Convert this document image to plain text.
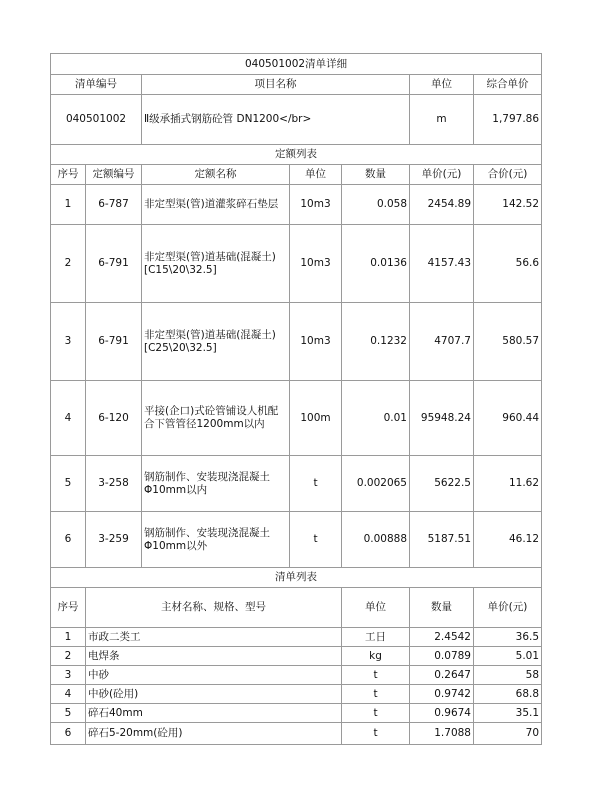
040501002清单详细							
清单编号		项目名称			单位	综合单价	
040501002		Ⅱ级承插式钢筋砼管 DN1200</br>			m	1,797.86	
定额列表							
序号	定额编号	定额名称	单位	数量	单价(元)	合价(元)	
1	6-787	非定型渠(管)道灌浆碎石垫层	10m3	0.058	2454.89	142.52	
2	6-791	非定型渠(管)道基础(混凝土)[C15\20\32.5]	10m3	0.0136	4157.43	56.6	
3	6-791	非定型渠(管)道基础(混凝土)[C25\20\32.5]	10m3	0.1232	4707.7	580.57	
4	6-120	平接(企口)式砼管铺设人机配合下管管径1200mm以内	100m	0.01	95948.24	960.44	
5	3-258	钢筋制作、安装现浇混凝土Φ10mm以内	t	0.002065	5622.5	11.62	
6	3-259	钢筋制作、安装现浇混凝土Φ10mm以外	t	0.00888	5187.51	46.12	
清单列表							
序号	主材名称、规格、型号			单位	数量	单价(元)	
1	市政二类工			工日	2.4542	36.5	
2	电焊条			kg	0.0789	5.01	
3	中砂			t	0.2647	58	
4	中砂(砼用)			t	0.9742	68.8	
5	碎石40mm			t	0.9674	35.1	
6	碎石5-20mm(砼用)			t	1.7088	70	
